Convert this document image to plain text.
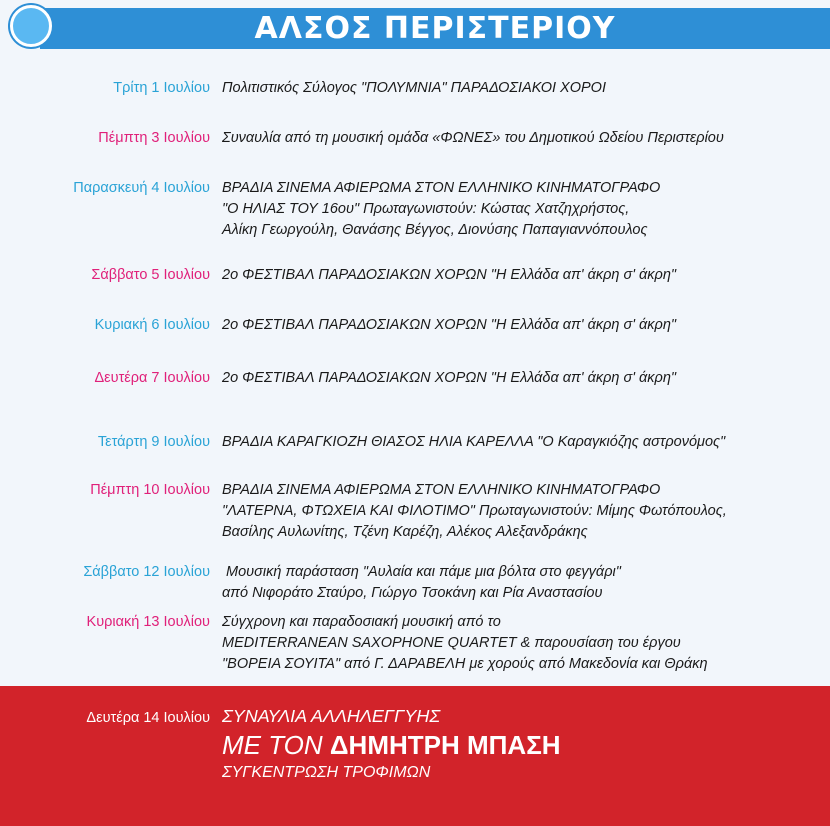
ΑΛΣΟΣ ΠΕΡΙΣΤΕΡΙΟΥ
Τρίτη 1 Ιουλίου Πολιτιστικός Σύλογος "ΠΟΛΥΜΝΙΑ" ΠΑΡΑΔΟΣΙΑΚΟΙ ΧΟΡΟΙ
Πέμπτη 3 Ιουλίου Συναυλία από τη μουσική ομάδα «ΦΩΝΕΣ» του Δημοτικού Ωδείου Περιστερίου
Παρασκευή 4 Ιουλίου ΒΡΑΔΙΑ ΣΙΝΕΜΑ ΑΦΙΕΡΩΜΑ ΣΤΟΝ ΕΛΛΗΝΙΚΟ ΚΙΝΗΜΑΤΟΓΡΑΦΟ
"Ο ΗΛΙΑΣ ΤΟΥ 16ου" Πρωταγωνιστούν: Κώστας Χατζηχρήστος,
Αλίκη Γεωργούλη, Θανάσης Βέγγος, Διονύσης Παπαγιαννόπουλος
Σάββατο 5 Ιουλίου 2ο ΦΕΣΤΙΒΑΛ ΠΑΡΑΔΟΣΙΑΚΩΝ ΧΟΡΩΝ "Η Ελλάδα απ' άκρη σ' άκρη"
Κυριακή 6 Ιουλίου 2ο ΦΕΣΤΙΒΑΛ ΠΑΡΑΔΟΣΙΑΚΩΝ ΧΟΡΩΝ "Η Ελλάδα απ' άκρη σ' άκρη"
Δευτέρα 7 Ιουλίου 2ο ΦΕΣΤΙΒΑΛ ΠΑΡΑΔΟΣΙΑΚΩΝ ΧΟΡΩΝ "Η Ελλάδα απ' άκρη σ' άκρη"
Τετάρτη 9 Ιουλίου ΒΡΑΔΙΑ ΚΑΡΑΓΚΙΟΖΗ ΘΙΑΣΟΣ ΗΛΙΑ ΚΑΡΕΛΛΑ "Ο Καραγκιόζης αστρονόμος"
Πέμπτη 10 Ιουλίου ΒΡΑΔΙΑ ΣΙΝΕΜΑ ΑΦΙΕΡΩΜΑ ΣΤΟΝ ΕΛΛΗΝΙΚΟ ΚΙΝΗΜΑΤΟΓΡΑΦΟ
"ΛΑΤΕΡΝΑ, ΦΤΩΧΕΙΑ ΚΑΙ ΦΙΛΟΤΙΜΟ" Πρωταγωνιστούν: Μίμης Φωτόπουλος,
Βασίλης Αυλωνίτης, Τζένη Καρέζη, Αλέκος Αλεξανδράκης
Σάββατο 12 Ιουλίου Μουσική παράσταση "Αυλαία και πάμε μια βόλτα στο φεγγάρι"
από Νιφοράτο Σταύρο, Γιώργο Τσοκάνη και Ρία Αναστασίου
Κυριακή 13 Ιουλίου Σύγχρονη και παραδοσιακή μουσική από το
MEDITERRANEAN SAXOPHONE QUARTET & παρουσίαση του έργου
"ΒΟΡΕΙΑ ΣΟΥΙΤΑ" από Γ. ΔΑΡΑΒΕΛΗ με χορούς από Μακεδονία και Θράκη
Δευτέρα 14 Ιουλίου ΣΥΝΑΥΛΙΑ ΑΛΛΗΛΕΓΓΥΗΣ
ΜΕ ΤΟΝ ΔΗΜΗΤΡΗ ΜΠΑΣΗ
ΣΥΓΚΕΝΤΡΩΣΗ ΤΡΟΦΙΜΩΝ
